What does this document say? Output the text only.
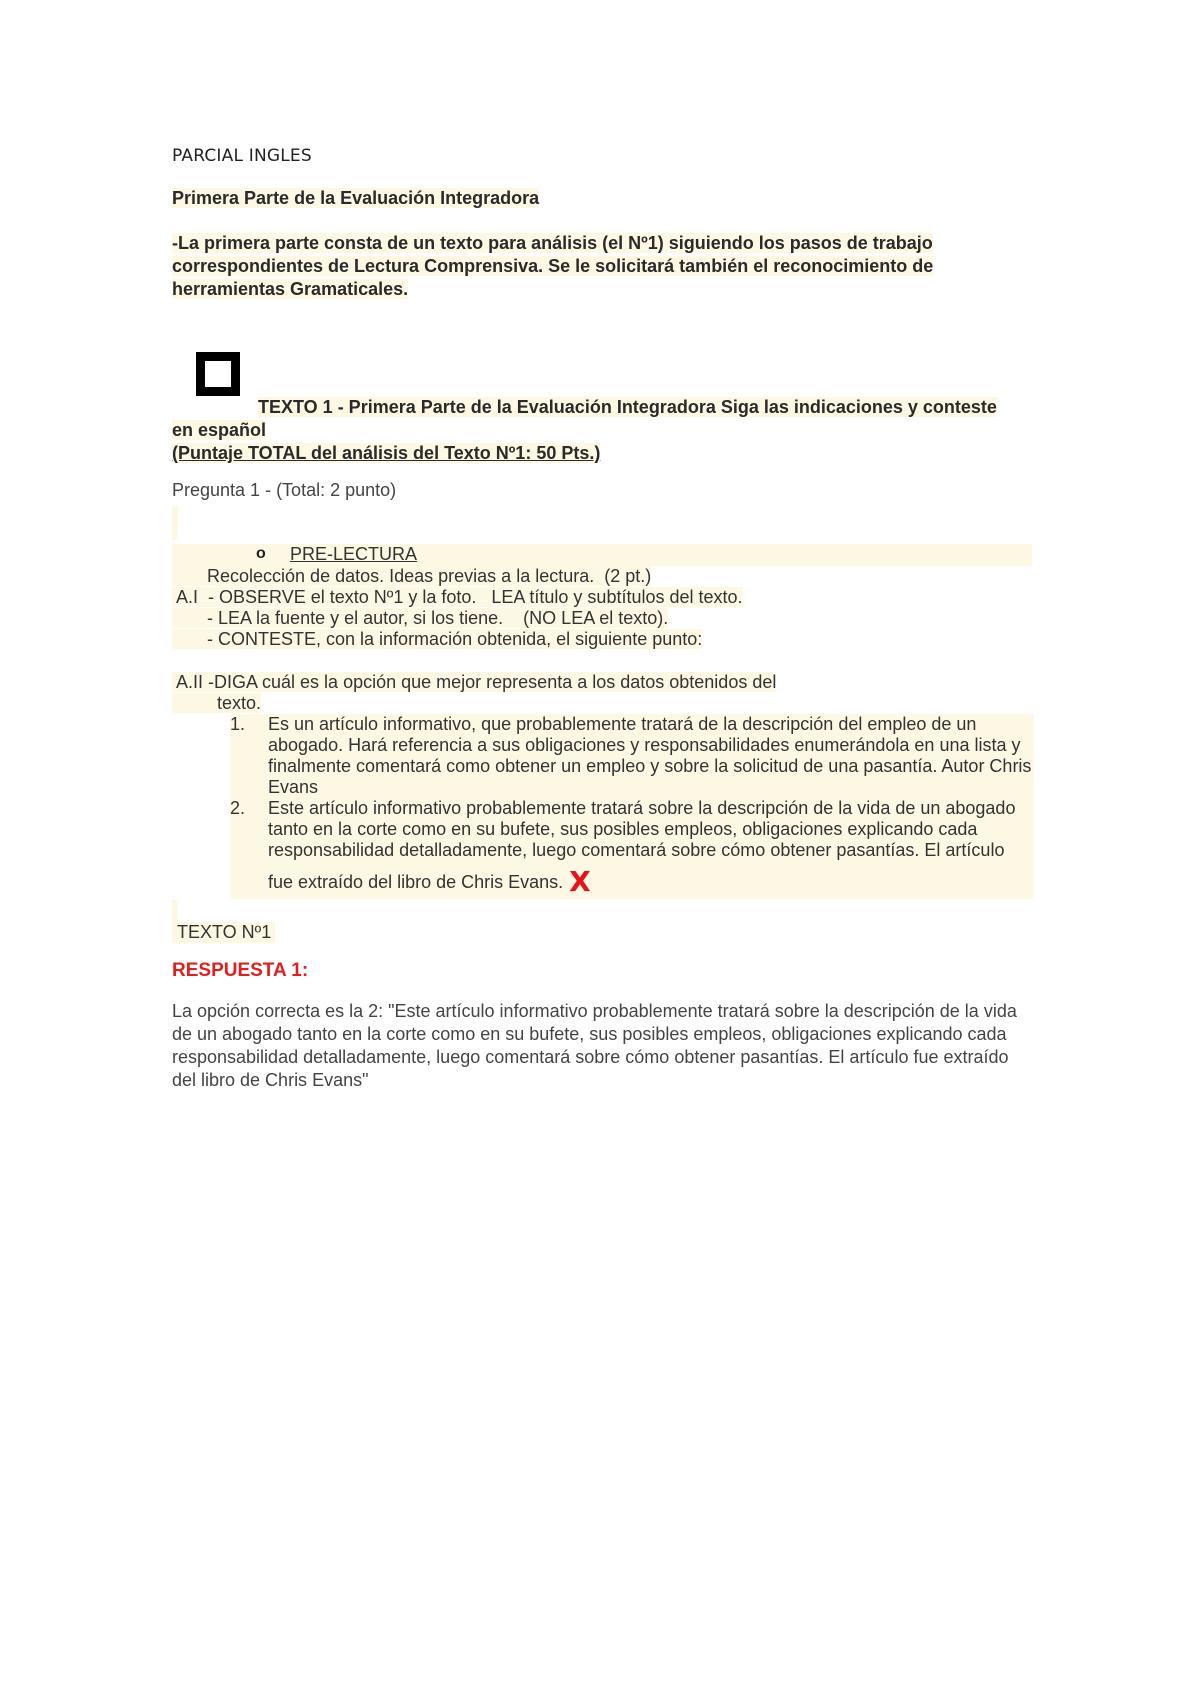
PARCIAL INGLES
Primera Parte de la Evaluación Integradora
-La primera parte consta de un texto para análisis (el Nº1) siguiendo los pasos de trabajo
correspondientes de Lectura Comprensiva. Se le solicitará también el reconocimiento de
herramientas Gramaticales.
TEXTO 1 - Primera Parte de la Evaluación Integradora Siga las indicaciones y conteste
en español
(Puntaje TOTAL del análisis del Texto Nº1: 50 Pts.)
Pregunta 1 - (Total: 2 punto)
o PRE-LECTURA
Recolección de datos. Ideas previas a la lectura.  (2 pt.)
A.I  - OBSERVE el texto Nº1 y la foto.   LEA título y subtítulos del texto.
- LEA la fuente y el autor, si los tiene.    (NO LEA el texto).
- CONTESTE, con la información obtenida, el siguiente punto:
A.II -DIGA cuál es la opción que mejor representa a los datos obtenidos del
texto.
1. Es un artículo informativo, que probablemente tratará de la descripción del empleo de un abogado. Hará referencia a sus obligaciones y responsabilidades enumerándola en una lista y finalmente comentará como obtener un empleo y sobre la solicitud de una pasantía. Autor Chris Evans
2. Este artículo informativo probablemente tratará sobre la descripción de la vida de un abogado tanto en la corte como en su bufete, sus posibles empleos, obligaciones explicando cada responsabilidad detalladamente, luego comentará sobre cómo obtener pasantías. El artículo
fue extraído del libro de Chris Evans. X
TEXTO Nº1
RESPUESTA 1:
La opción correcta es la 2: "Este artículo informativo probablemente tratará sobre la descripción de la vida de un abogado tanto en la corte como en su bufete, sus posibles empleos, obligaciones explicando cada responsabilidad detalladamente, luego comentará sobre cómo obtener pasantías. El artículo fue extraído del libro de Chris Evans"
